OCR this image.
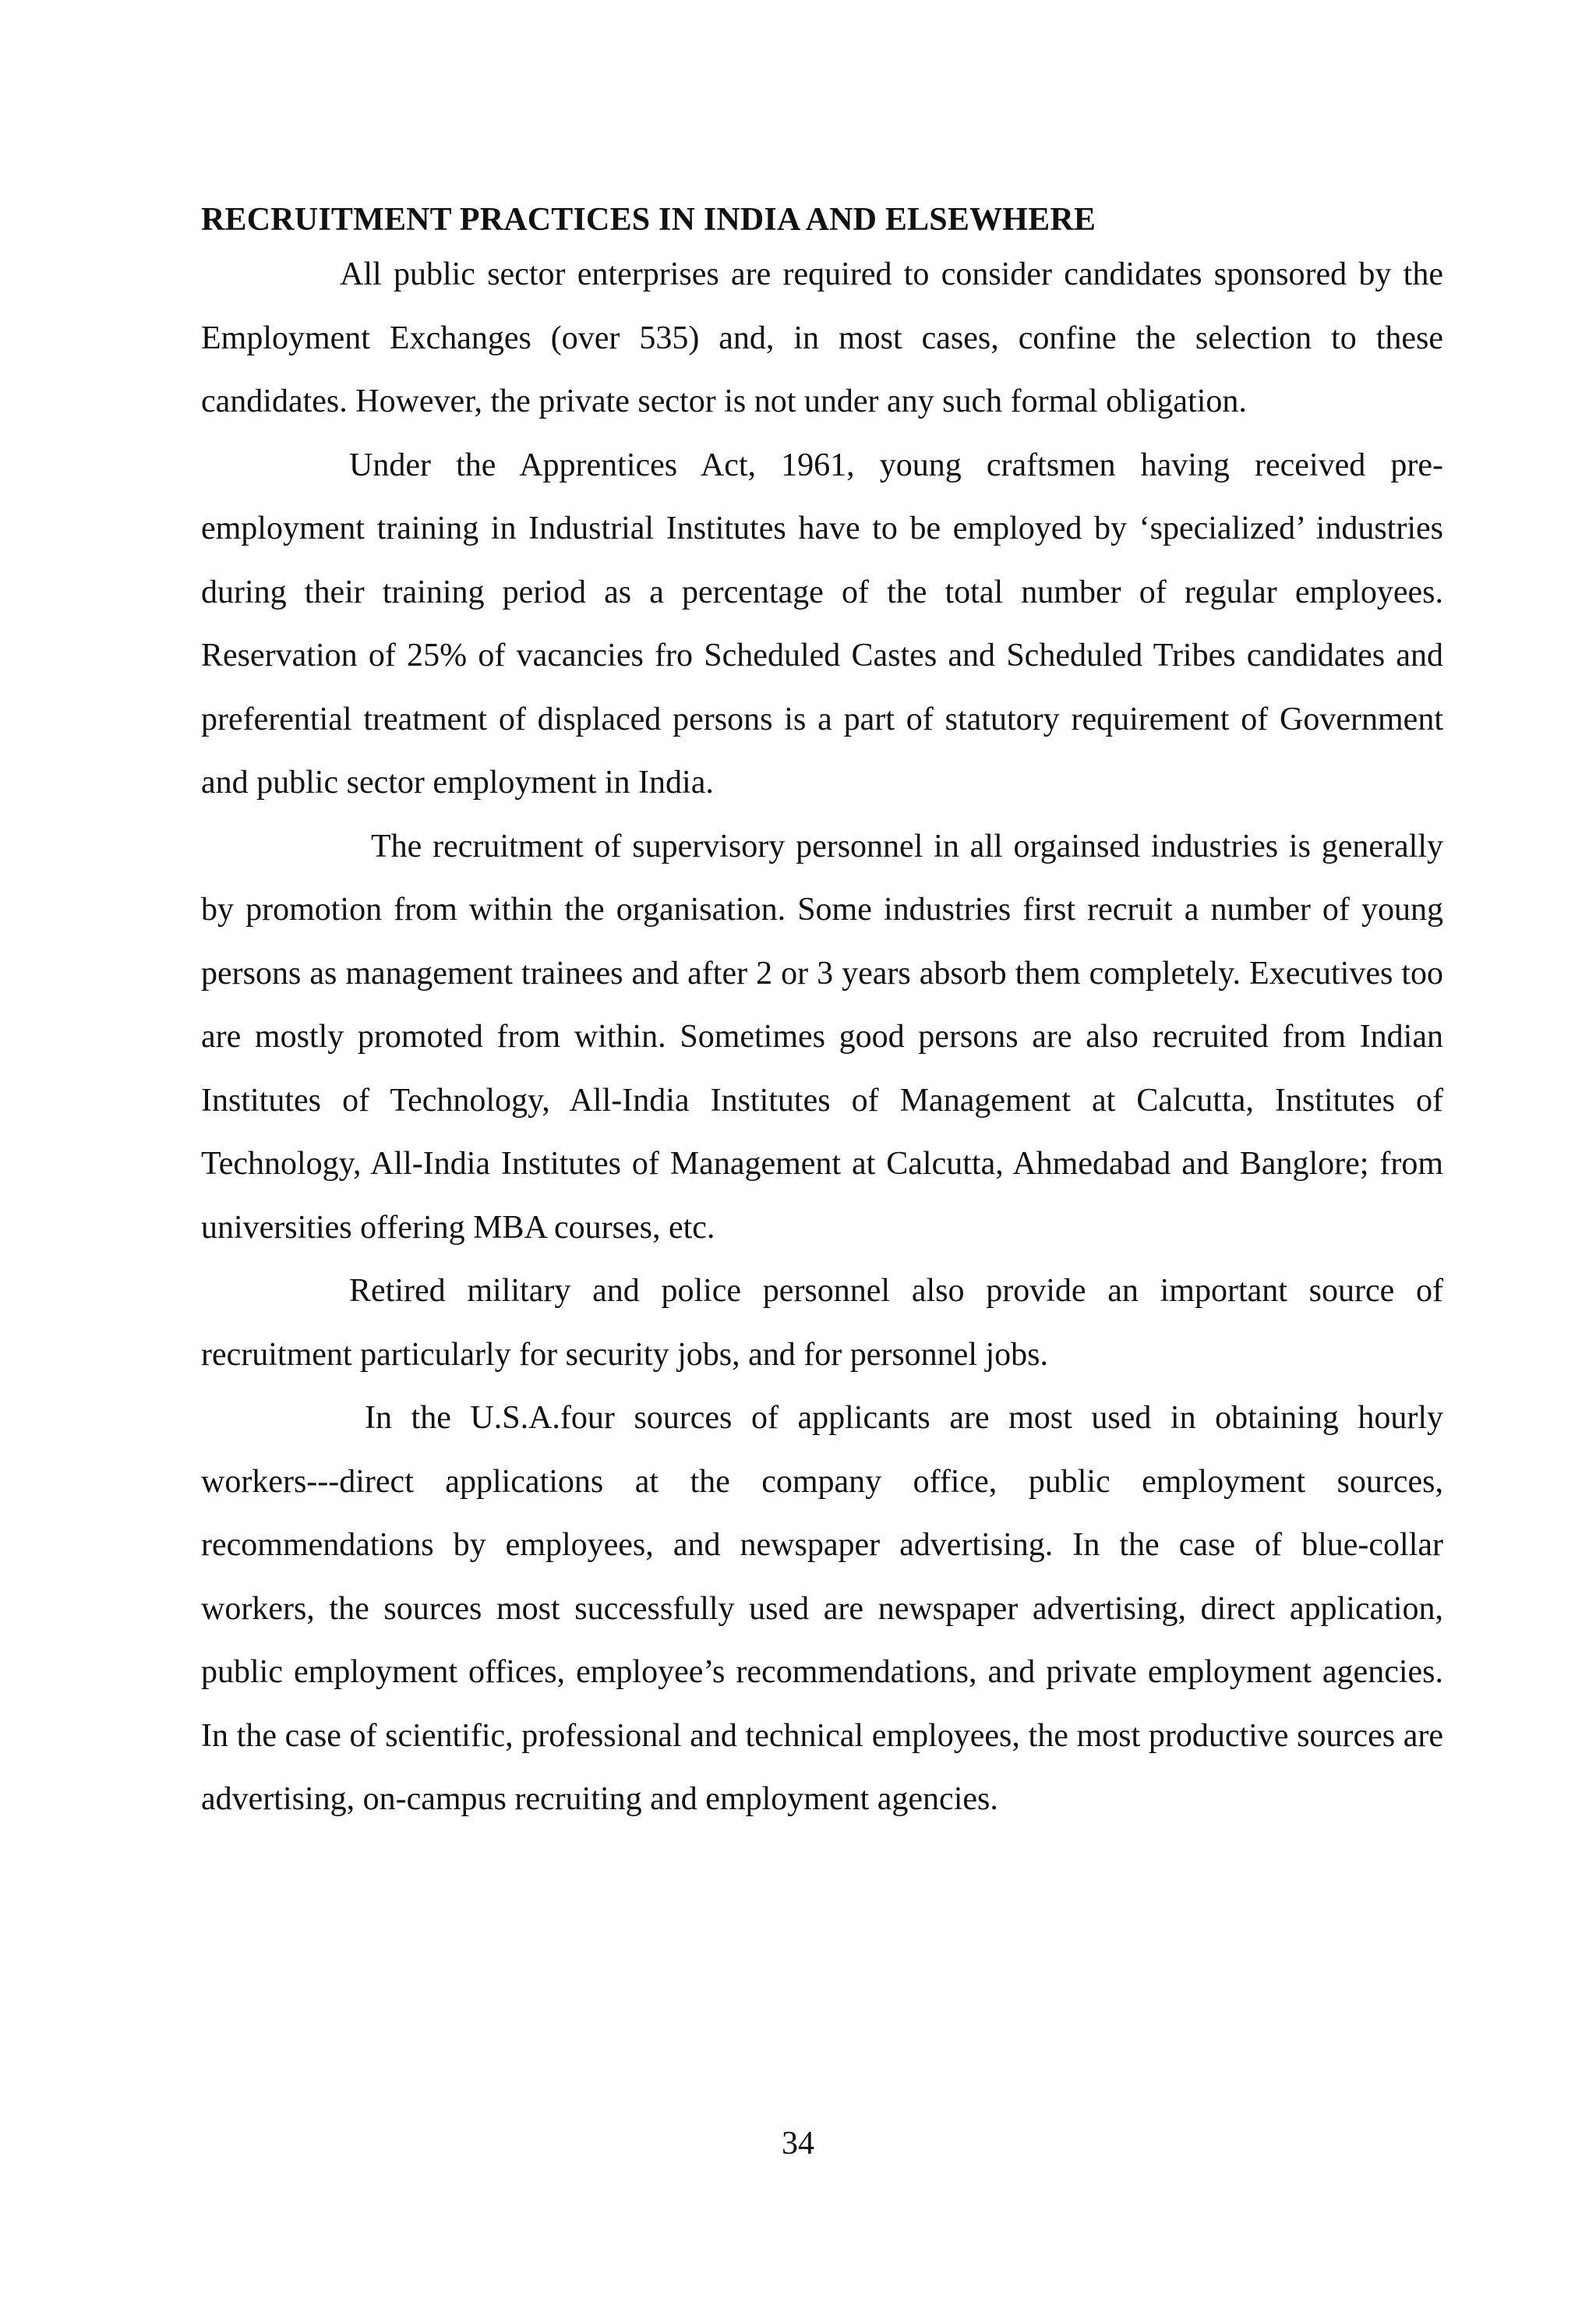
RECRUITMENT PRACTICES IN INDIA AND ELSEWHERE

All public sector enterprises are required to consider candidates sponsored by the Employment Exchanges (over 535) and, in most cases, confine the selection to these candidates. However, the private sector is not under any such formal obligation.

Under the Apprentices Act, 1961, young craftsmen having received pre-employment training in Industrial Institutes have to be employed by ‘specialized’ industries during their training period as a percentage of the total number of regular employees. Reservation of 25% of vacancies fro Scheduled Castes and Scheduled Tribes candidates and preferential treatment of displaced persons is a part of statutory requirement of Government and public sector employment in India.

The recruitment of supervisory personnel in all orgainsed industries is generally by promotion from within the organisation. Some industries first recruit a number of young persons as management trainees and after 2 or 3 years absorb them completely. Executives too are mostly promoted from within. Sometimes good persons are also recruited from Indian Institutes of Technology, All-India Institutes of Management at Calcutta, Institutes of Technology, All-India Institutes of Management at Calcutta, Ahmedabad and Banglore; from universities offering MBA courses, etc.

Retired military and police personnel also provide an important source of recruitment particularly for security jobs, and for personnel jobs.

In the U.S.A.four sources of applicants are most used in obtaining hourly workers---direct applications at the company office, public employment sources, recommendations by employees, and newspaper advertising. In the case of blue-collar workers, the sources most successfully used are newspaper advertising, direct application, public employment offices, employee’s recommendations, and private employment agencies. In the case of scientific, professional and technical employees, the most productive sources are advertising, on-campus recruiting and employment agencies.

34
